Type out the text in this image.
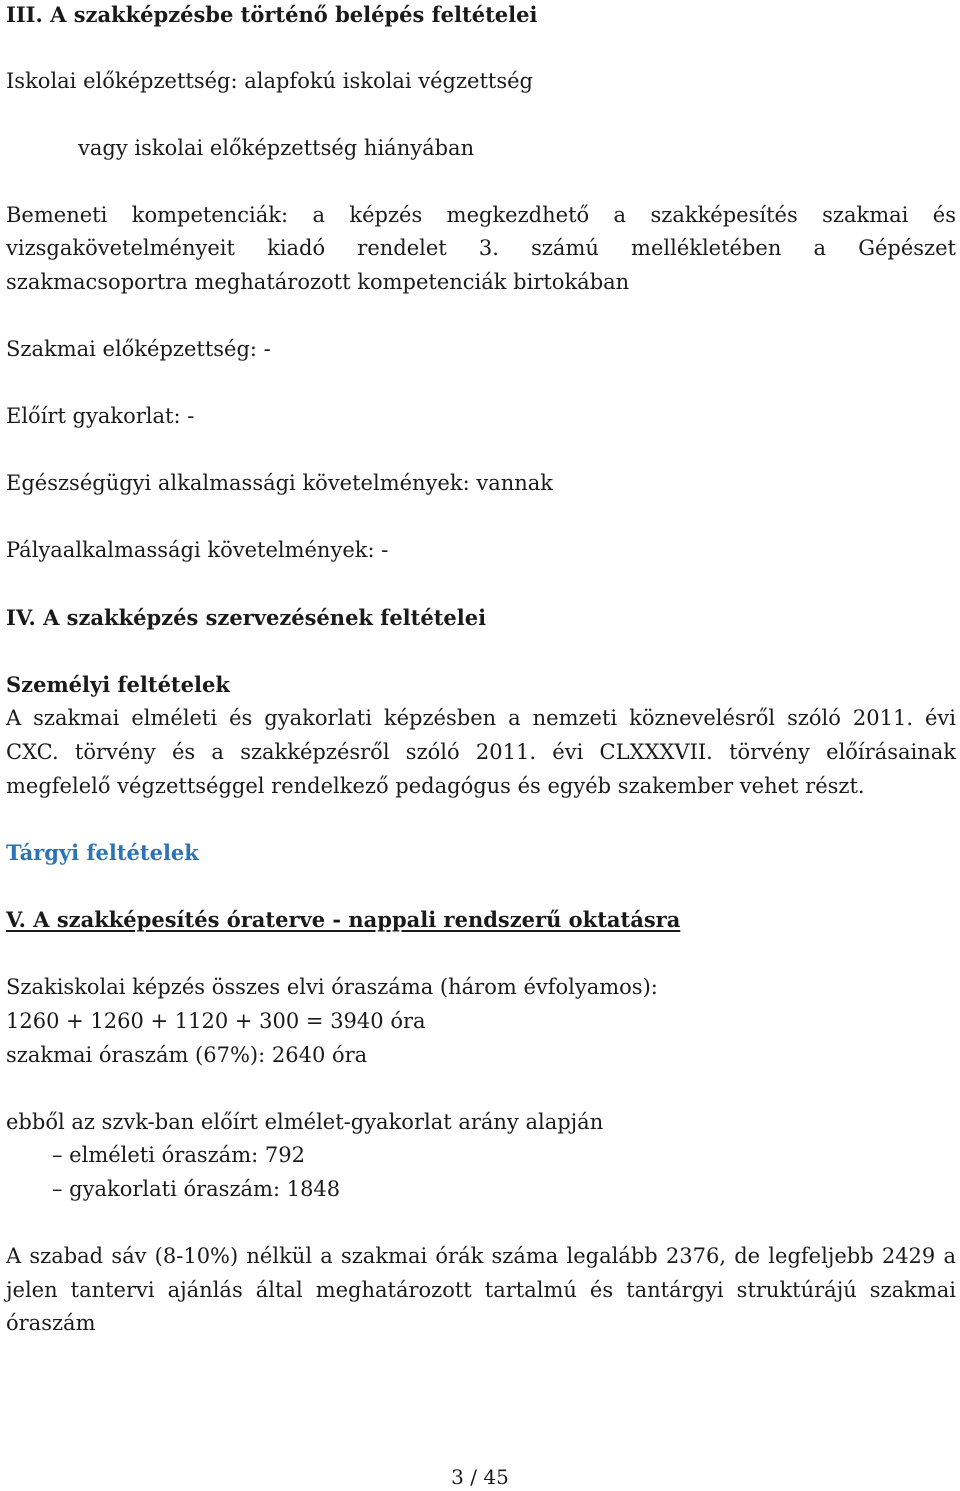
III. A szakképzésbe történő belépés feltételei
Iskolai előképzettség: alapfokú iskolai végzettség
vagy iskolai előképzettség hiányában
Bemeneti kompetenciák: a képzés megkezdhető a szakképesítés szakmai és
vizsgakövetelményeit kiadó rendelet 3. számú mellékletében a Gépészet
szakmacsoportra meghatározott kompetenciák birtokában
Szakmai előképzettség: -
Előírt gyakorlat: -
Egészségügyi alkalmassági követelmények: vannak
Pályaalkalmassági követelmények: -
IV. A szakképzés szervezésének feltételei
Személyi feltételek
A szakmai elméleti és gyakorlati képzésben a nemzeti köznevelésről szóló 2011. évi
CXC. törvény és a szakképzésről szóló 2011. évi CLXXXVII. törvény előírásainak
megfelelő végzettséggel rendelkező pedagógus és egyéb szakember vehet részt.
Tárgyi feltételek
V. A szakképesítés óraterve - nappali rendszerű oktatásra
Szakiskolai képzés összes elvi óraszáma (három évfolyamos):
1260 + 1260 + 1120 + 300 = 3940 óra
szakmai óraszám (67%): 2640 óra
ebből az szvk-ban előírt elmélet-gyakorlat arány alapján
– elméleti óraszám: 792
– gyakorlati óraszám: 1848
A szabad sáv (8-10%) nélkül a szakmai órák száma legalább 2376, de legfeljebb 2429 a
jelen tantervi ajánlás által meghatározott tartalmú és tantárgyi struktúrájú szakmai
óraszám
3 / 45
